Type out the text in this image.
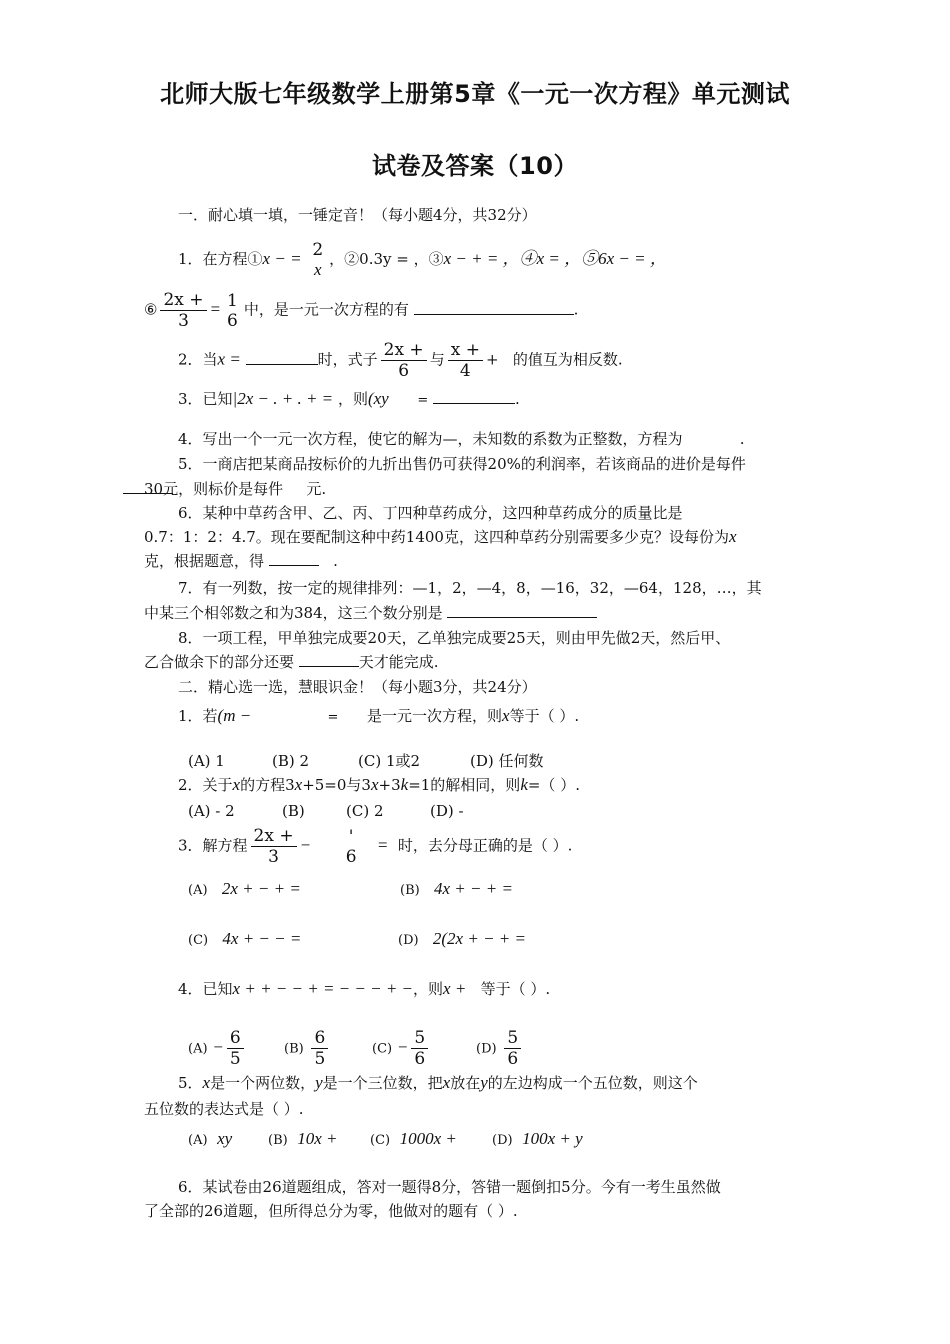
北师大版七年级数学上册第5章《一元一次方程》单元测试
试卷及答案（10）
一．耐心填一填，一锤定音！（每小题4分，共32分）
1．在方程①x − = 2
x
，②0.3y = ，③x − + = ，④x = ，⑤6x − = ，
⑥ $\frac{2x +}{3} = 1$
6
中，是一元一次方程的有	.
2．当x =	时，式子 $\frac{2x +}{6}$ 与 $\frac{x +}{4}$ + 的值互为相反数.
3．已知|2x − . + . + = ，则(xy =	.
4．写出一个一元一次方程，使它的解为—，未知数的系数为正整数，方程为	.
5．一商店把某商品按标价的九折出售仍可获得20%的利润率，若该商品的进价是每件
30元，则标价是每件 元.
6．某种中草药含甲、乙、丙、丁四种草药成分，这四种草药成分的质量比是
0.7：1：2：4.7。现在要配制这种中药1400克，这四种草药分别需要多少克？设每份为x
克，根据题意，得	.
7．有一列数，按一定的规律排列：—1，2，—4，8，—16，32，—64，128，…，其
中某三个相邻数之和为384，这三个数分别是
8．一项工程，甲单独完成要20天，乙单独完成要25天，则由甲先做2天，然后甲、
乙合做余下的部分还要	天才能完成.
二．精心选一选，慧眼识金！（每小题3分，共24分）
1．若(m −	= 是一元一次方程，则x等于（ ）.
(A) 1	(B) 2	(C) 1或2	(D) 任何数
2．关于x的方程3x+5=0与3x+3k=1的解相同，则k=（ ）.
(A) - 2	(B)	(C) 2	(D) -
3．解方程 $\frac{2x +}{3}$ −	'
6
= 时，去分母正确的是（ ）.
(A) 2x + − + =	(B) 4x + − + =
(C) 4x + − − =	(D) 2(2x + − + =
4．已知x + + − − + = − − − + −，则x + 等于（ ）.
$(A) - \frac{6}{5}$	$(B) \frac{6}{5}$	$(C) - \frac{5}{6}$	$(D) \frac{5}{6}$
5．x是一个两位数，y是一个三位数，把x放在y的左边构成一个五位数，则这个
五位数的表达式是（ ）.
(A) xy	(B) 10x + (C) 1000x +	(D) 100x + y
6．某试卷由26道题组成，答对一题得8分，答错一题倒扣5分。今有一考生虽然做
了全部的26道题，但所得总分为零，他做对的题有（ ）.
